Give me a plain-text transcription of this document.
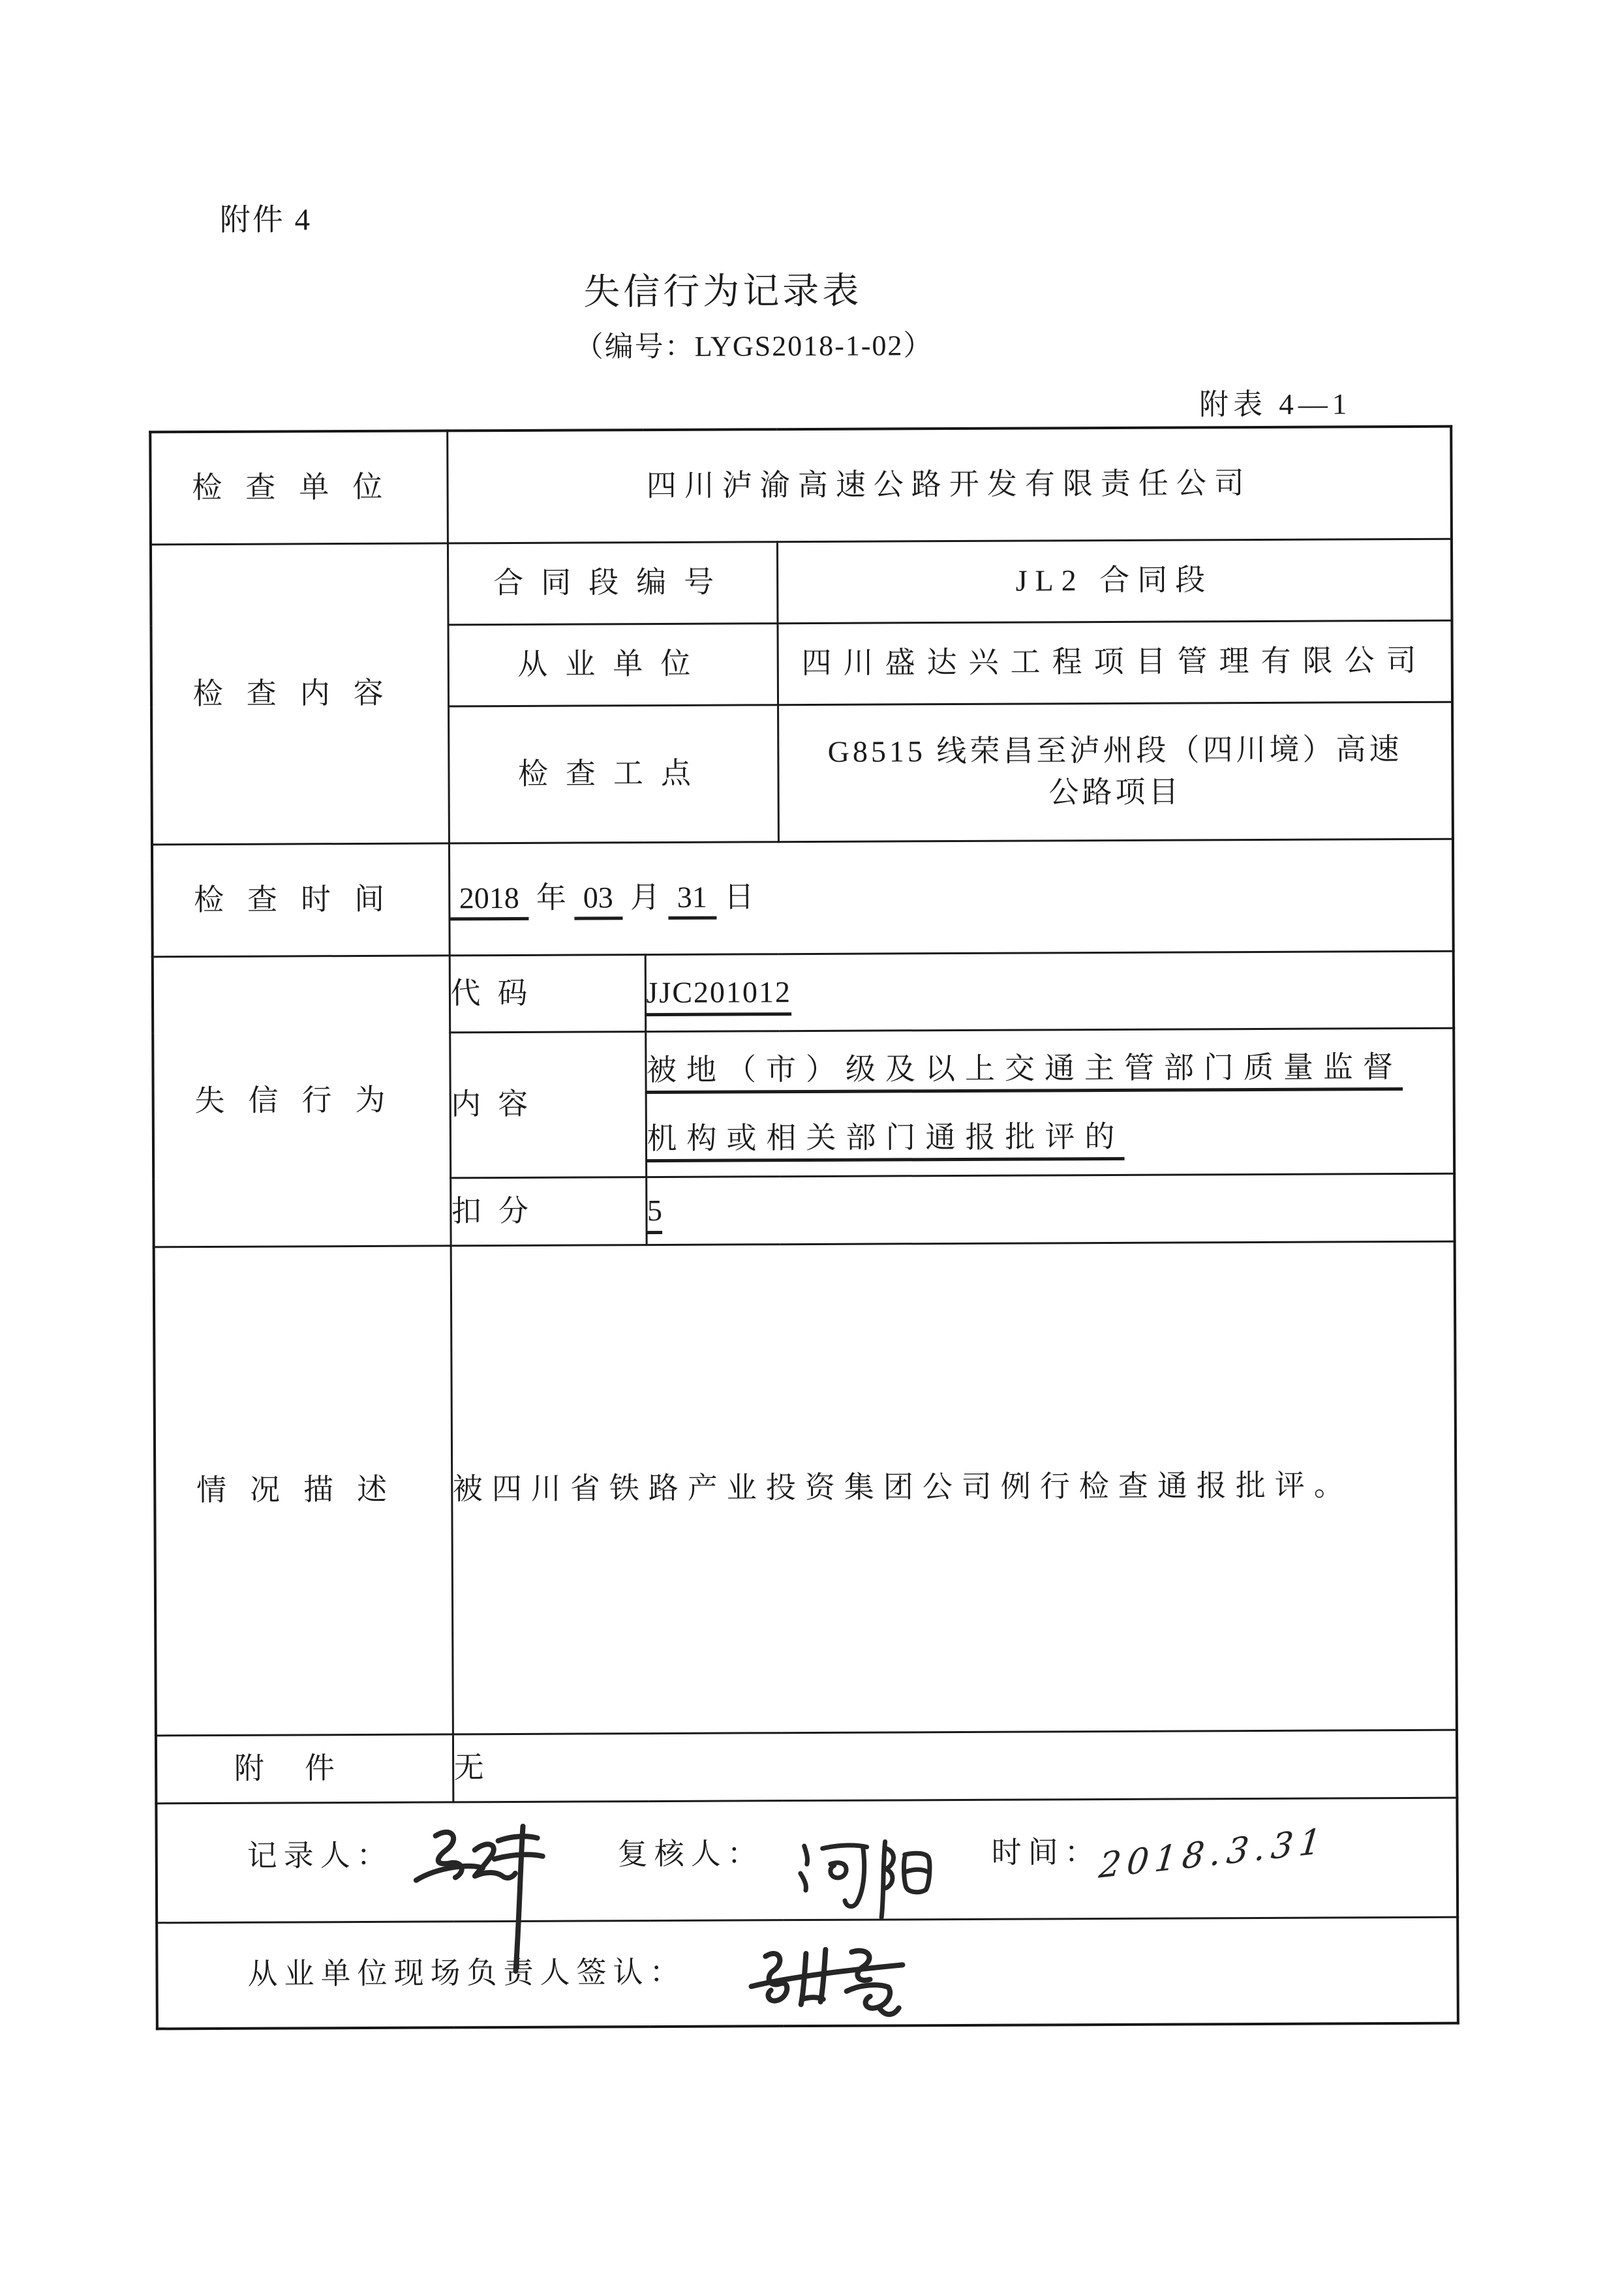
附件 4
失信行为记录表
（编号：LYGS2018-1-02）
附表 4—1
检查单位	四川泸渝高速公路开发有限责任公司		
检查内容	合同段编号		JL2 合同段
	从业单位		四川盛达兴工程项目管理有限公司
	检查工点		G8515 线荣昌至泸州段（四川境）高速
公路项目
检查时间	2018 年 03 月 31 日		
失信行为	代码	JJC201012	
	内容	被地（市）级及以上交通主管部门质量监督
机构或相关部门通报批评的	
	扣分	5	
情况描述	被四川省铁路产业投资集团公司例行检查通报批评。		
附件	无		

记录人： 复核人： 时间：
2018.3.31			

从业单位现场负责人签认：			
